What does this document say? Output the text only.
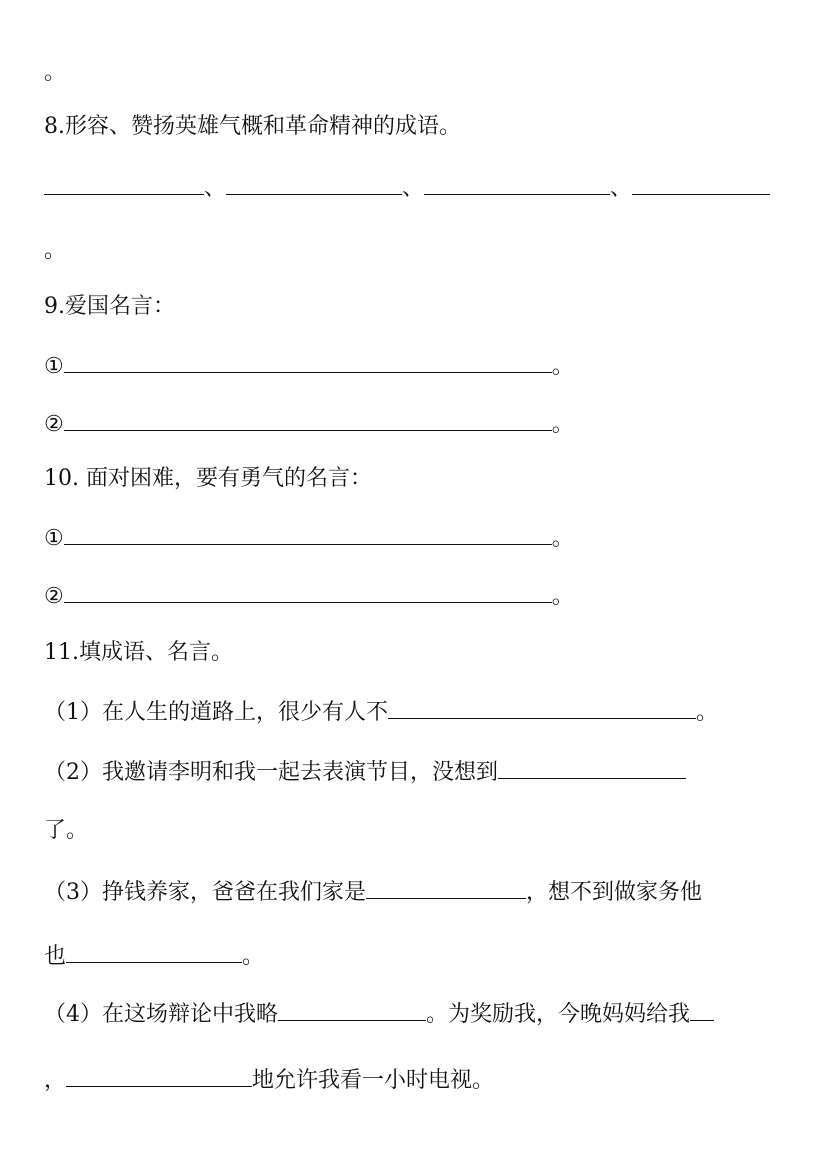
。
8.形容、赞扬英雄气概和革命精神的成语。
、	、	、
。
9.爱国名言：
①	。
②	。
10. 面对困难，要有勇气的名言：
①	。
②	。
11.填成语、名言。
（1）在人生的道路上，很少有人不	。
（2）我邀请李明和我一起去表演节目，没想到
了。
（3）挣钱养家，爸爸在我们家是	，想不到做家务他
也	。
（4）在这场辩论中我略	。为奖励我，今晚妈妈给我
，	地允许我看一小时电视。
